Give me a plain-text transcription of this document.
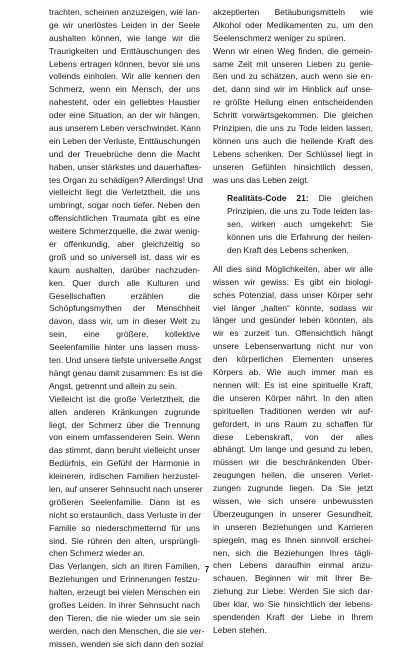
trachten, scheinen anzuzeigen, wie lan-
ge wir unerlöstes Leiden in der Seele
aushalten können, wie lange wir die
Traurigkeiten und Enttäuschungen des
Lebens ertragen können, bevor sie uns
vollends einholen. Wir alle kennen den
Schmerz, wenn ein Mensch, der uns
nahesteht, oder ein geliebtes Haustier
oder eine Situation, an der wir hängen,
aus unserem Leben verschwindet. Kann
ein Leben der Verluste, Enttäuschungen
und der Treuebrüche denn die Macht
haben, unser stärkstes und dauerhaftes-
tes Organ zu schädigen? Allerdings! Und
vielleicht liegt die Verletztheit, die uns
umbringt, sogar noch tiefer. Neben den
offensichtlichen Traumata gibt es eine
weitere Schmerzquelle, die zwar wenig-
er offenkundig, aber gleichzeitig so
groß und so universell ist, dass wir es
kaum aushalten, darüber nachzuden-
ken. Quer durch alle Kulturen und
Gesellschaften erzählen die
Schöpfungsmythen der Menschheit
davon, dass wir, um in dieser Welt zu
sein, eine größere, kollektive
Seelenfamilie hinter uns lassen muss-
ten. Und unsere tiefste universelle Angst
hängt genau damit zusammen: Es ist die
Angst, getrennt und allein zu sein.
Vielleicht ist die große Verletztheit, die
allen anderen Kränkungen zugrunde
liegt, der Schmerz über die Trennung
von einem umfassenderen Sein. Wenn
das stimmt, dann beruht vielleicht unser
Bedürfnis, ein Gefühl der Harmonie in
kleineren, irdischen Familien herzustel-
len, auf unserer Sehnsucht nach unserer
größeren Seelenfamilie. Dann ist es
nicht so erstaunlich, dass Verluste in der
Familie so niederschmetternd für uns
sind. Sie rühren den alten, ursprüngli-
chen Schmerz wieder an.
Das Verlangen, sich an ihren Familien,
Beziehungen und Erinnerungen festzu-
halten, erzeugt bei vielen Menschen ein
großes Leiden. In ihrer Sehnsucht nach
den Tieren, die nie wieder um sie sein
werden, nach den Menschen, die sie ver-
missen, wenden sie sich dann den sozial
akzeptierten Betäubungsmitteln wie
Alkohol oder Medikamenten zu, um den
Seelenschmerz weniger zu spüren.
Wenn wir einen Weg finden, die gemein-
same Zeit mit unseren Lieben zu genie-
ßen und zu schätzen, auch wenn sie en-
det, dann sind wir im Hinblick auf unse-
re größte Heilung einen entscheidenden
Schritt vorwärtsgekommen. Die gleichen
Prinzipien, die uns zu Tode leiden lassen,
können uns auch die heilende Kraft des
Lebens schenken. Der Schlüssel liegt in
unseren Gefühlen hinsichtlich dessen,
was uns das Leben zeigt.
Realitäts-Code 21: Die gleichen
Prinzipien, die uns zu Tode leiden las-
sen, wirken auch umgekehrt: Sie
können uns die Erfahrung der heilen-
den Kraft des Lebens schenken.
All dies sind Möglichkeiten, aber wir alle
wissen wir gewiss: Es gibt ein biologi-
sches Potenzial, dass unser Körper sehr
viel länger „halten“ könnte, sodass wir
länger und gesünder leben könnten, als
wir es zurzeit tun. Offensichtlich hängt
unsere Lebenserwartung nicht nur von
den körperlichen Elementen unseres
Körpers ab. Wie auch immer man es
nennen will: Es ist eine spirituelle Kraft,
die unseren Körper nährt. In den alten
spirituellen Traditionen werden wir auf-
gefordert, in uns Raum zu schaffen für
diese Lebenskraft, von der alles
abhängt. Um lange und gesund zu leben,
müssen wir die beschränkenden Über-
zeugungen heilen, die unseren Verlet-
zungen zugrunde liegen. Da Sie jetzt
wissen, wie sich unsere unbewussten
Überzeugungen in unserer Gesundheit,
in unseren Beziehungen und Karrieren
spiegeln, mag es Ihnen sinnvoll erschei-
nen, sich die Beziehungen Ihres tägli-
chen Lebens daraufhin einmal anzu-
schauen. Beginnen wir mit Ihrer Be-
ziehung zur Liebe: Werden Sie sich dar-
über klar, wo Sie hinsichtlich der lebens-
spendenden Kraft der Liebe in Ihrem
Leben stehen.
7
